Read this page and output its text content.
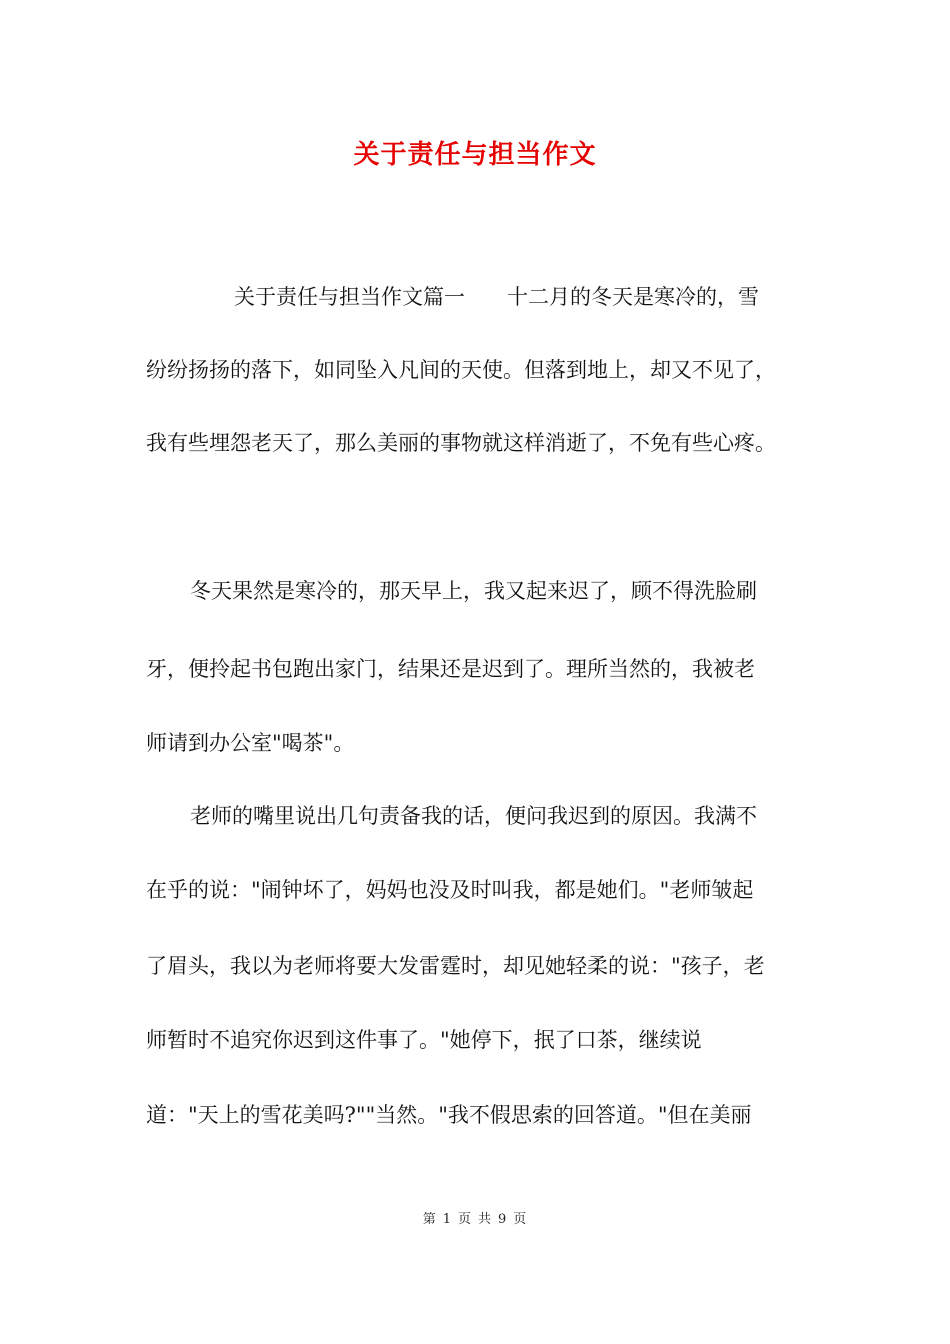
关于责任与担当作文
关于责任与担当作文篇一　　十二月的冬天是寒冷的，雪
纷纷扬扬的落下，如同坠入凡间的天使。但落到地上，却又不见了，
我有些埋怨老天了，那么美丽的事物就这样消逝了，不免有些心疼。
冬天果然是寒冷的，那天早上，我又起来迟了，顾不得洗脸刷
牙，便拎起书包跑出家门，结果还是迟到了。理所当然的，我被老
师请到办公室"喝茶"。
老师的嘴里说出几句责备我的话，便问我迟到的原因。我满不
在乎的说："闹钟坏了，妈妈也没及时叫我，都是她们。"老师皱起
了眉头，我以为老师将要大发雷霆时，却见她轻柔的说："孩子，老
师暂时不追究你迟到这件事了。"她停下，抿了口茶，继续说
道："天上的雪花美吗?""当然。"我不假思索的回答道。"但在美丽
第 1 页 共 9 页
